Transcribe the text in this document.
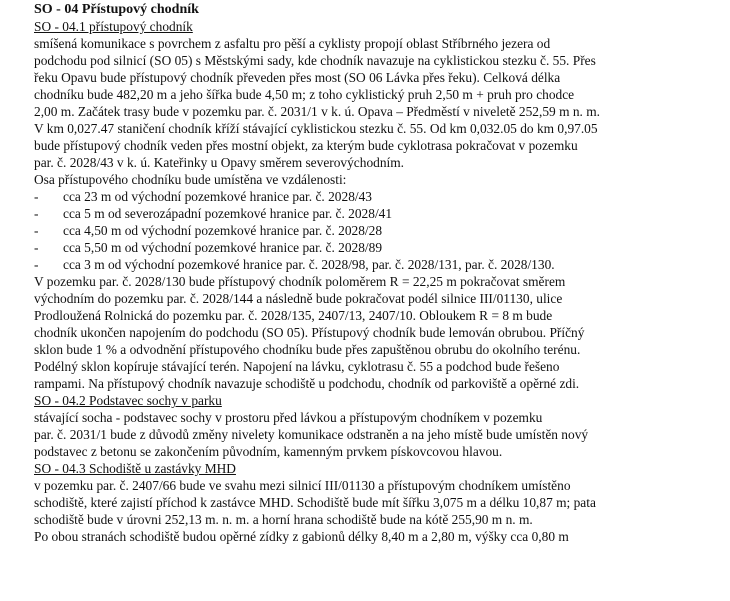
SO - 04 Přístupový chodník
SO - 04.1 přístupový chodník
smíšená komunikace s povrchem z asfaltu pro pěší a cyklisty propojí oblast Stříbrného jezera od
podchodu pod silnicí (SO 05) s Městskými sady, kde chodník navazuje na cyklistickou stezku č. 55. Přes
řeku Opavu bude přístupový chodník převeden přes most (SO 06 Lávka přes řeku). Celková délka
chodníku bude 482,20 m a jeho šířka bude 4,50 m; z toho cyklistický pruh 2,50 m + pruh pro chodce
2,00 m. Začátek trasy bude v pozemku par. č. 2031/1 v k. ú. Opava – Předměstí v niveletě 252,59 m n. m.
V km 0,027.47 staničení chodník kříží stávající cyklistickou stezku č. 55. Od km 0,032.05 do km 0,97.05
bude přístupový chodník veden přes mostní objekt, za kterým bude cyklotrasa pokračovat v pozemku
par. č. 2028/43 v k. ú. Kateřinky u Opavy směrem severovýchodním.
Osa přístupového chodníku bude umístěna ve vzdálenosti:
- cca 23 m od východní pozemkové hranice par. č. 2028/43
- cca 5 m od severozápadní pozemkové hranice par. č. 2028/41
- cca 4,50 m od východní pozemkové hranice par. č. 2028/28
- cca 5,50 m od východní pozemkové hranice par. č. 2028/89
- cca 3 m od východní pozemkové hranice par. č. 2028/98, par. č. 2028/131, par. č. 2028/130.
V pozemku par. č. 2028/130 bude přístupový chodník poloměrem R = 22,25 m pokračovat směrem
východním do pozemku par. č. 2028/144 a následně bude pokračovat podél silnice III/01130, ulice
Prodloužená Rolnická do pozemku par. č. 2028/135, 2407/13, 2407/10. Obloukem R = 8 m bude
chodník ukončen napojením do podchodu (SO 05). Přístupový chodník bude lemován obrubou. Příčný
sklon bude 1 % a odvodnění přístupového chodníku bude přes zapuštěnou obrubu do okolního terénu.
Podélný sklon kopíruje stávající terén. Napojení na lávku, cyklotrasu č. 55 a podchod bude řešeno
rampami. Na přístupový chodník navazuje schodiště u podchodu, chodník od parkoviště a opěrné zdi.
SO - 04.2 Podstavec sochy v parku
stávající socha - podstavec sochy v prostoru před lávkou a přístupovým chodníkem v pozemku
par. č. 2031/1 bude z důvodů změny nivelety komunikace odstraněn a na jeho místě bude umístěn nový
podstavec z betonu se zakončením původním, kamenným prvkem pískovcovou hlavou.
SO - 04.3 Schodiště u zastávky MHD
v pozemku par. č. 2407/66 bude ve svahu mezi silnicí III/01130 a přístupovým chodníkem umístěno
schodiště, které zajistí příchod k zastávce MHD. Schodiště bude mít šířku 3,075 m a délku 10,87 m; pata
schodiště bude v úrovni 252,13 m. n. m. a horní hrana schodiště bude na kótě 255,90 m n. m.
Po obou stranách schodiště budou opěrné zídky z gabionů délky 8,40 m a 2,80 m, výšky cca 0,80 m
